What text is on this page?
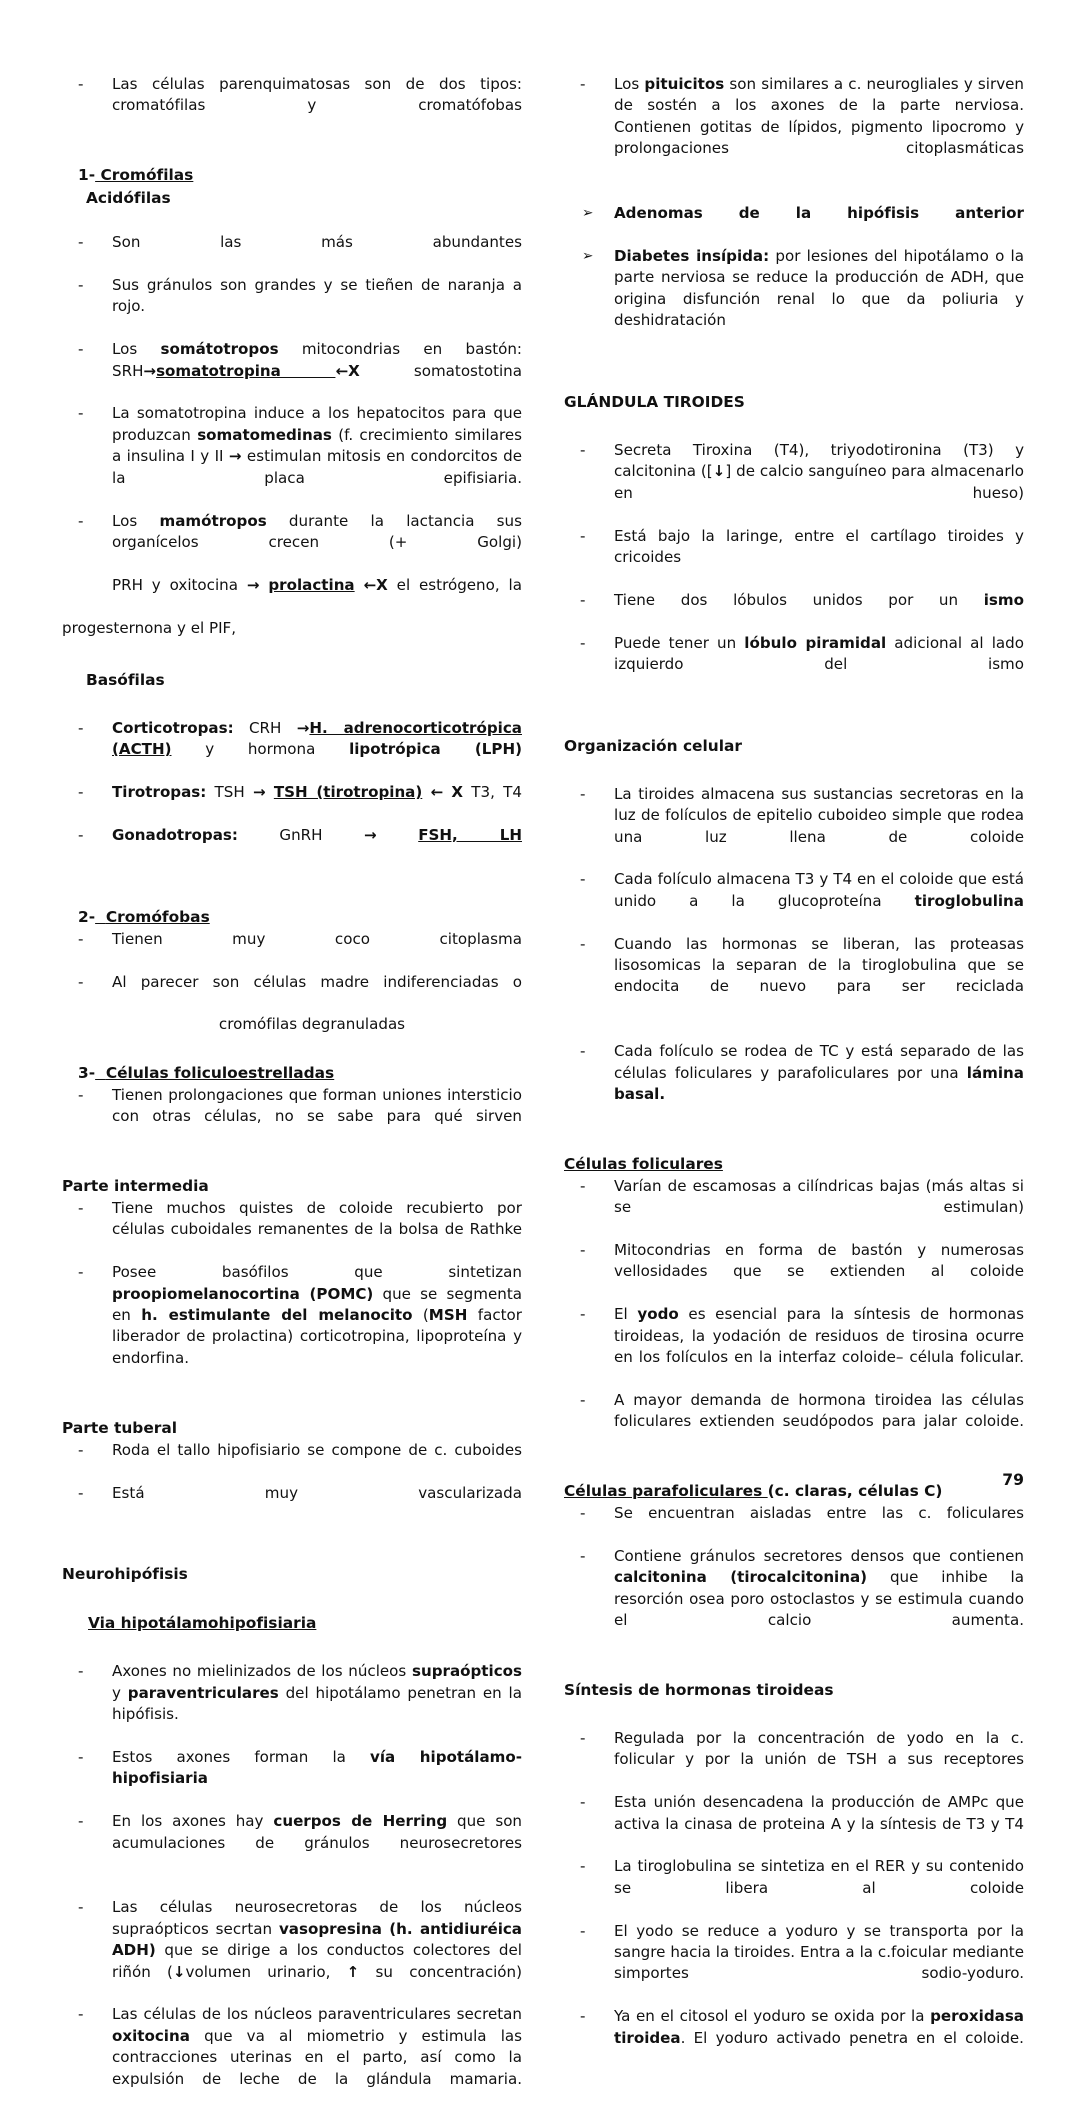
- Las células parenquimatosas son de dos tipos: cromatófilas y cromatófobas
1- Cromófilas
Acidófilas
- Son las más abundantes
- Sus gránulos son grandes y se tieñen de naranja a rojo.
- Los somátotropos mitocondrias en bastón: SRH→somatotropina ←X somatostotina
- La somatotropina induce a los hepatocitos para que produzcan somatomedinas (f. crecimiento similares a insulina I y II → estimulan mitosis en condorcitos de la placa epifisiaria.
- Los mamótropos durante la lactancia sus organícelos crecen (+ Golgi)
PRH y oxitocina → prolactina ←X el estrógeno, la
progesternona y el PIF,
Basófilas
- Corticotropas: CRH →H. adrenocorticotrópica (ACTH) y hormona lipotrópica (LPH)
- Tirotropas: TSH → TSH (tirotropina) ← X T3, T4
- Gonadotropas: GnRH →	FSH, LH
2- Cromófobas
- Tienen muy coco citoplasma
- Al parecer son células madre indiferenciadas o
cromófilas degranuladas
3- Células foliculoestrelladas
- Tienen prolongaciones que forman uniones intersticio con otras células, no se sabe para qué sirven
Parte intermedia
- Tiene muchos quistes de coloide recubierto por células cuboidales remanentes de la bolsa de Rathke
- Posee basófilos que sintetizan proopiomelanocortina (POMC) que se segmenta en h. estimulante del melanocito (MSH factor liberador de prolactina) corticotropina, lipoproteína y endorfina.
Parte tuberal
- Roda el tallo hipofisiario se compone de c. cuboides
- Está muy vascularizada
Neurohipófisis
Via hipotálamohipofisiaria
- Axones no mielinizados de los núcleos supraópticos y paraventriculares del hipotálamo penetran en la hipófisis.
- Estos axones forman la vía hipotálamo- hipofisiaria
- En los axones hay cuerpos de Herring que son acumulaciones de gránulos neurosecretores
- Las células neurosecretoras de los núcleos supraópticos secrtan vasopresina (h. antidiuréica ADH) que se dirige a los conductos colectores del riñón (↓volumen urinario, ↑ su concentración)
- Las células de los núcleos paraventriculares secretan oxitocina que va al miometrio y estimula las contracciones uterinas en el parto, así como la expulsión de leche de la glándula mamaria.
- Los pituicitos son similares a c. neurogliales y sirven de sostén a los axones de la parte nerviosa. Contienen gotitas de lípidos, pigmento lipocromo y prolongaciones citoplasmáticas
➢ Adenomas de la hipófisis anterior
➢ Diabetes insípida: por lesiones del hipotálamo o la parte nerviosa se reduce la producción de ADH, que origina disfunción renal lo que da poliuria y deshidratación
GLÁNDULA TIROIDES
- Secreta Tiroxina (T4), triyodotironina (T3) y calcitonina ([↓] de calcio sanguíneo para almacenarlo en hueso)
- Está bajo la laringe, entre el cartílago tiroides y cricoides
- Tiene dos lóbulos unidos por un ismo
- Puede tener un lóbulo piramidal adicional al lado izquierdo del ismo
Organización celular
- La tiroides almacena sus sustancias secretoras en la luz de folículos de epitelio cuboideo simple que rodea una luz llena de coloide
- Cada folículo almacena T3 y T4 en el coloide que está unido a la glucoproteína tiroglobulina
- Cuando las hormonas se liberan, las proteasas lisosomicas la separan de la tiroglobulina que se endocita de nuevo para ser reciclada
- Cada folículo se rodea de TC y está separado de las células foliculares y parafoliculares por una lámina basal.
Células foliculares
- Varían de escamosas a cilíndricas bajas (más altas si se estimulan)
- Mitocondrias en forma de bastón y numerosas vellosidades que se extienden al coloide
- El yodo es esencial para la síntesis de hormonas tiroideas, la yodación de residuos de tirosina ocurre en los folículos en la interfaz coloide– célula folicular.
- A mayor demanda de hormona tiroidea las células foliculares extienden seudópodos para jalar coloide.
Células parafoliculares (c. claras, células C)
- Se encuentran aisladas entre las c. foliculares
- Contiene gránulos secretores densos que contienen calcitonina (tirocalcitonina) que inhibe la resorción osea poro ostoclastos y se estimula cuando el calcio aumenta.
Síntesis de hormonas tiroideas
- Regulada por la concentración de yodo en la c. folicular y por la unión de TSH a sus receptores
- Esta unión desencadena la producción de AMPc que activa la cinasa de proteina A y la síntesis de T3 y T4
- La tiroglobulina se sintetiza en el RER y su contenido se libera al coloide
- El yodo se reduce a yoduro y se transporta por la sangre hacia la tiroides. Entra a la c.foicular mediante simportes sodio-yoduro.
- Ya en el citosol el yoduro se oxida por la peroxidasa tiroidea. El yoduro activado penetra en el coloide.
79
